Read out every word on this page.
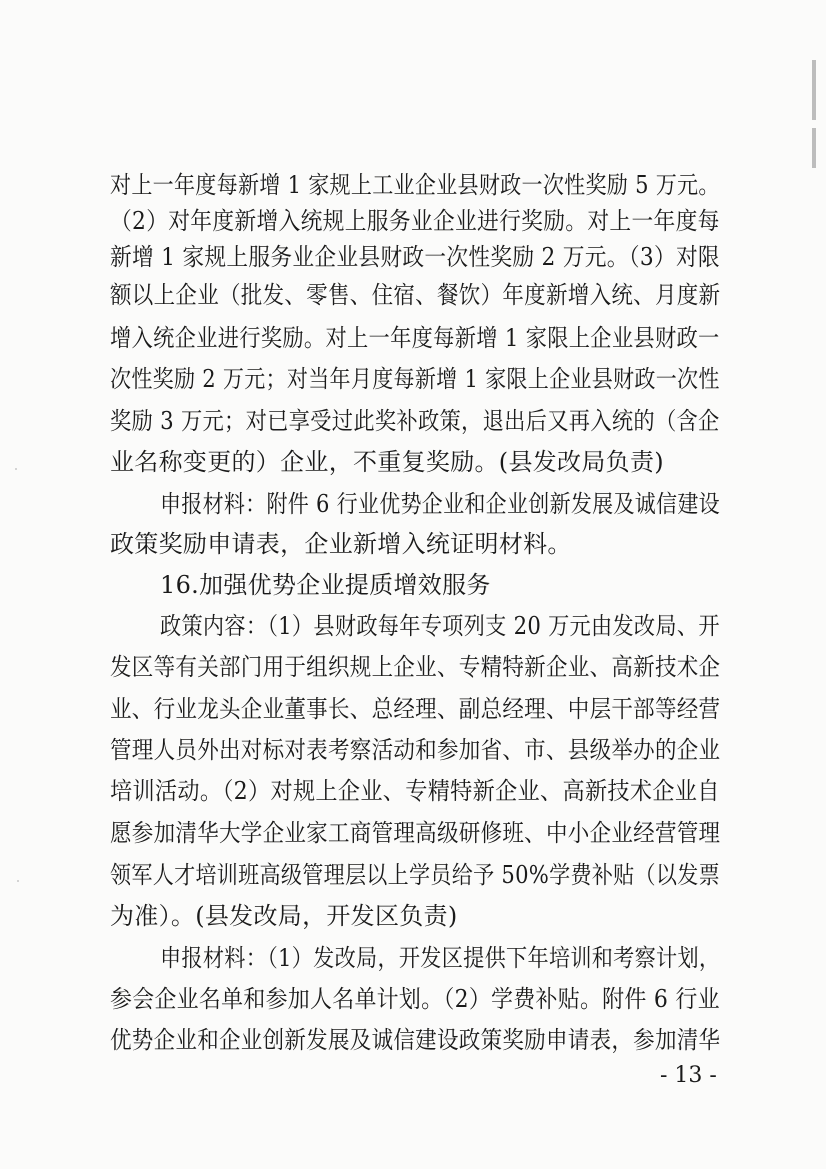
对上一年度每新增 1 家规上工业企业县财政一次性奖励 5 万元。
（2）对年度新增入统规上服务业企业进行奖励。对上一年度每
新增 1 家规上服务业企业县财政一次性奖励 2 万元。（3）对限
额以上企业（批发、零售、住宿、餐饮）年度新增入统、月度新
增入统企业进行奖励。对上一年度每新增 1 家限上企业县财政一
次性奖励 2 万元；对当年月度每新增 1 家限上企业县财政一次性
奖励 3 万元；对已享受过此奖补政策，退出后又再入统的（含企
业名称变更的）企业，不重复奖励。(县发改局负责)
申报材料：附件 6 行业优势企业和企业创新发展及诚信建设
政策奖励申请表，企业新增入统证明材料。
16.加强优势企业提质增效服务
政策内容：（1）县财政每年专项列支 20 万元由发改局、开
发区等有关部门用于组织规上企业、专精特新企业、高新技术企
业、行业龙头企业董事长、总经理、副总经理、中层干部等经营
管理人员外出对标对表考察活动和参加省、市、县级举办的企业
培训活动。（2）对规上企业、专精特新企业、高新技术企业自
愿参加清华大学企业家工商管理高级研修班、中小企业经营管理
领军人才培训班高级管理层以上学员给予 50%学费补贴（以发票
为准）。(县发改局，开发区负责)
申报材料：（1）发改局，开发区提供下年培训和考察计划，
参会企业名单和参加人名单计划。（2）学费补贴。附件 6 行业
优势企业和企业创新发展及诚信建设政策奖励申请表，参加清华
- 13 -
